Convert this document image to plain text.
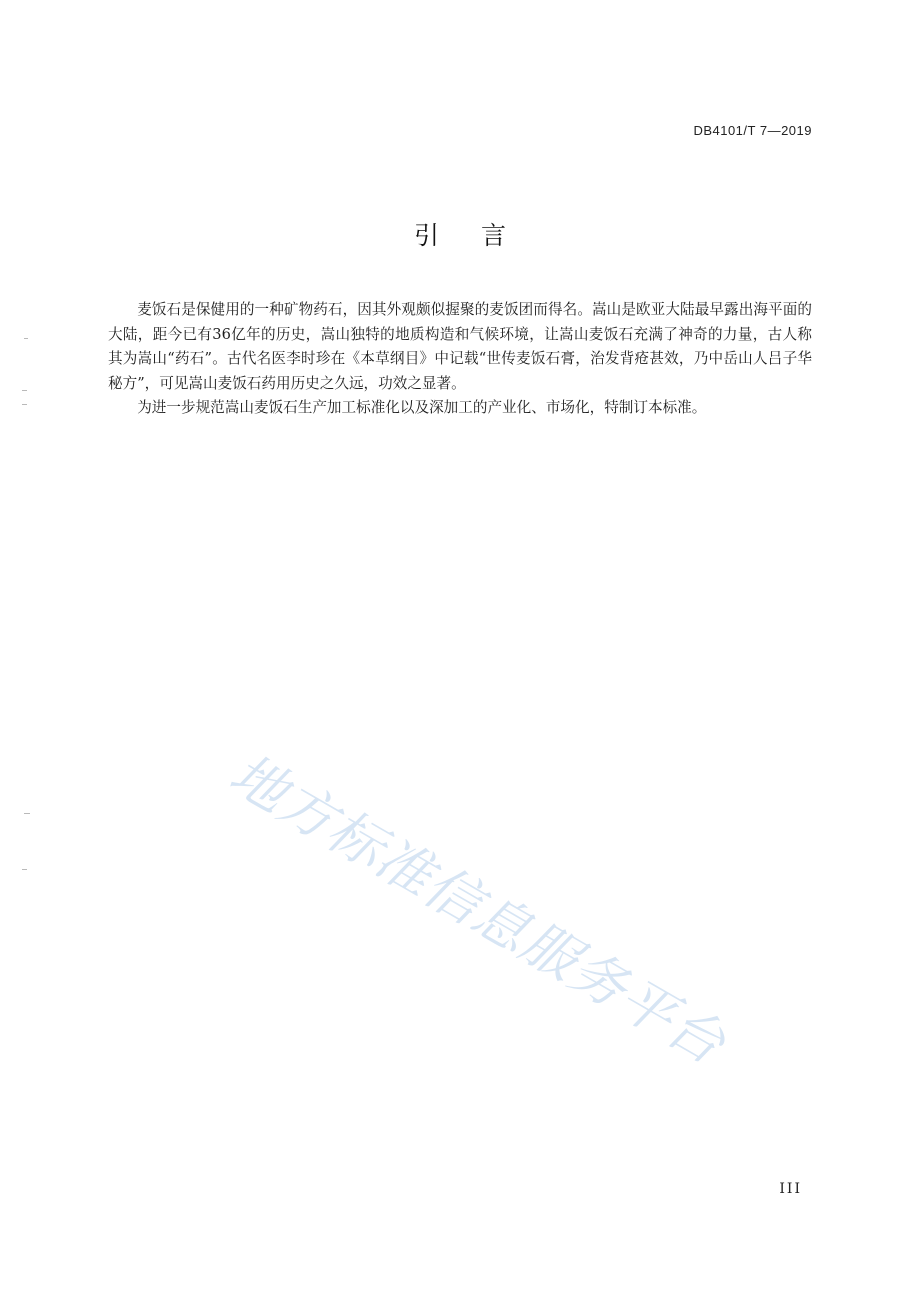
地方标准信息服务平台
DB4101/T 7—2019
引言

麦饭石是保健用的一种矿物药石，因其外观颇似握聚的麦饭团而得名。嵩山是欧亚大陆最早露出海平面的大陆，距今已有36亿年的历史，嵩山独特的地质构造和气候环境，让嵩山麦饭石充满了神奇的力量，古人称其为嵩山“药石”。古代名医李时珍在《本草纲目》中记载“世传麦饭石膏，治发背疮甚效，乃中岳山人吕子华秘方”，可见嵩山麦饭石药用历史之久远，功效之显著。

为进一步规范嵩山麦饭石生产加工标准化以及深加工的产业化、市场化，特制订本标准。

III
